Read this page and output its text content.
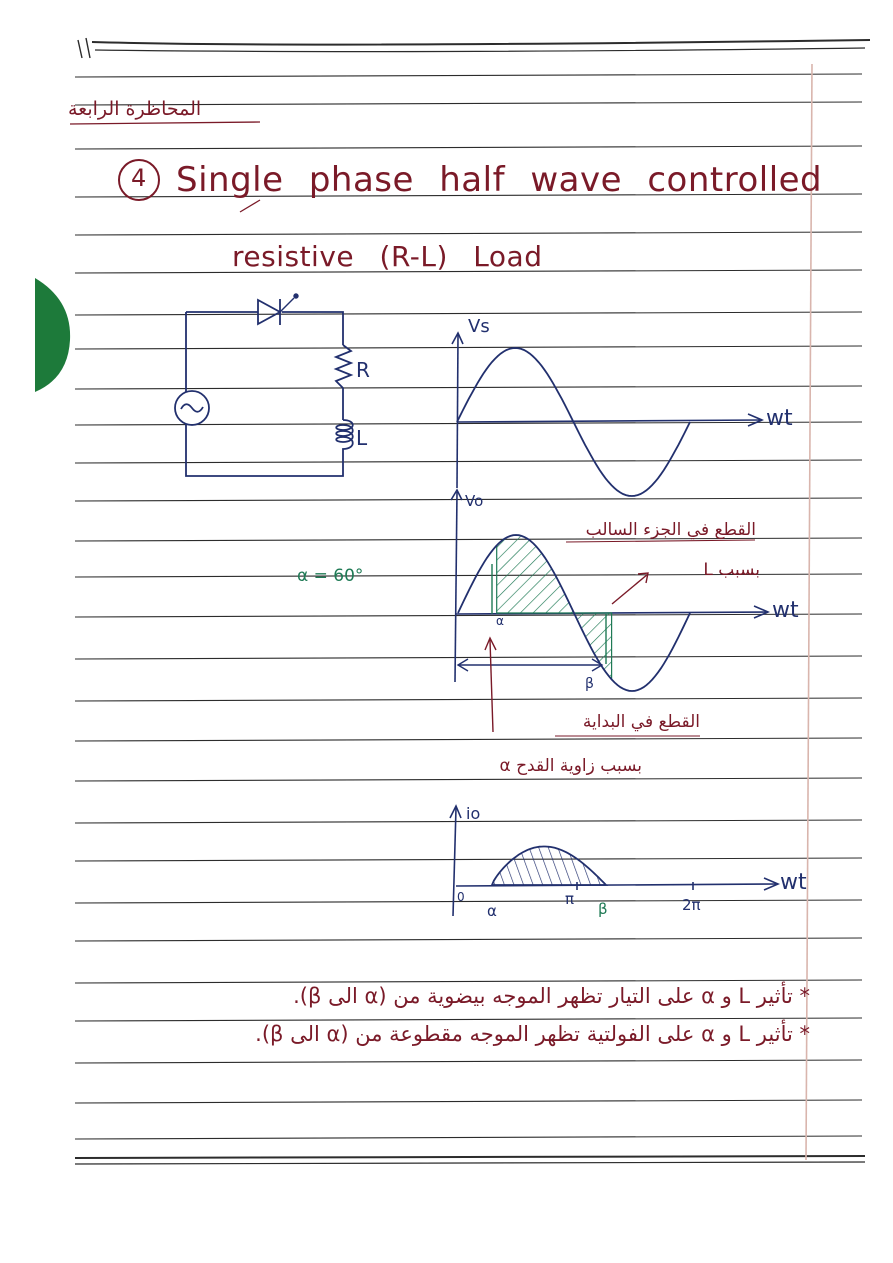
المحاظرة الرابعة
4 Single phase half wave controlled
resistive (R-L) Load
R
L
Vs
wt
Vo
wt
α = 60°
α
β
القطع في الجزء السالب
بسبب L
القطع في البداية
بسبب زاوية القدح α
io
wt
0
α
π
β	2π
* تأثير L و α على التيار تظهر الموجه بيضوية من (α الى β).
* تأثير L و α على الفولتية تظهر الموجه مقطوعة من (α الى β).
